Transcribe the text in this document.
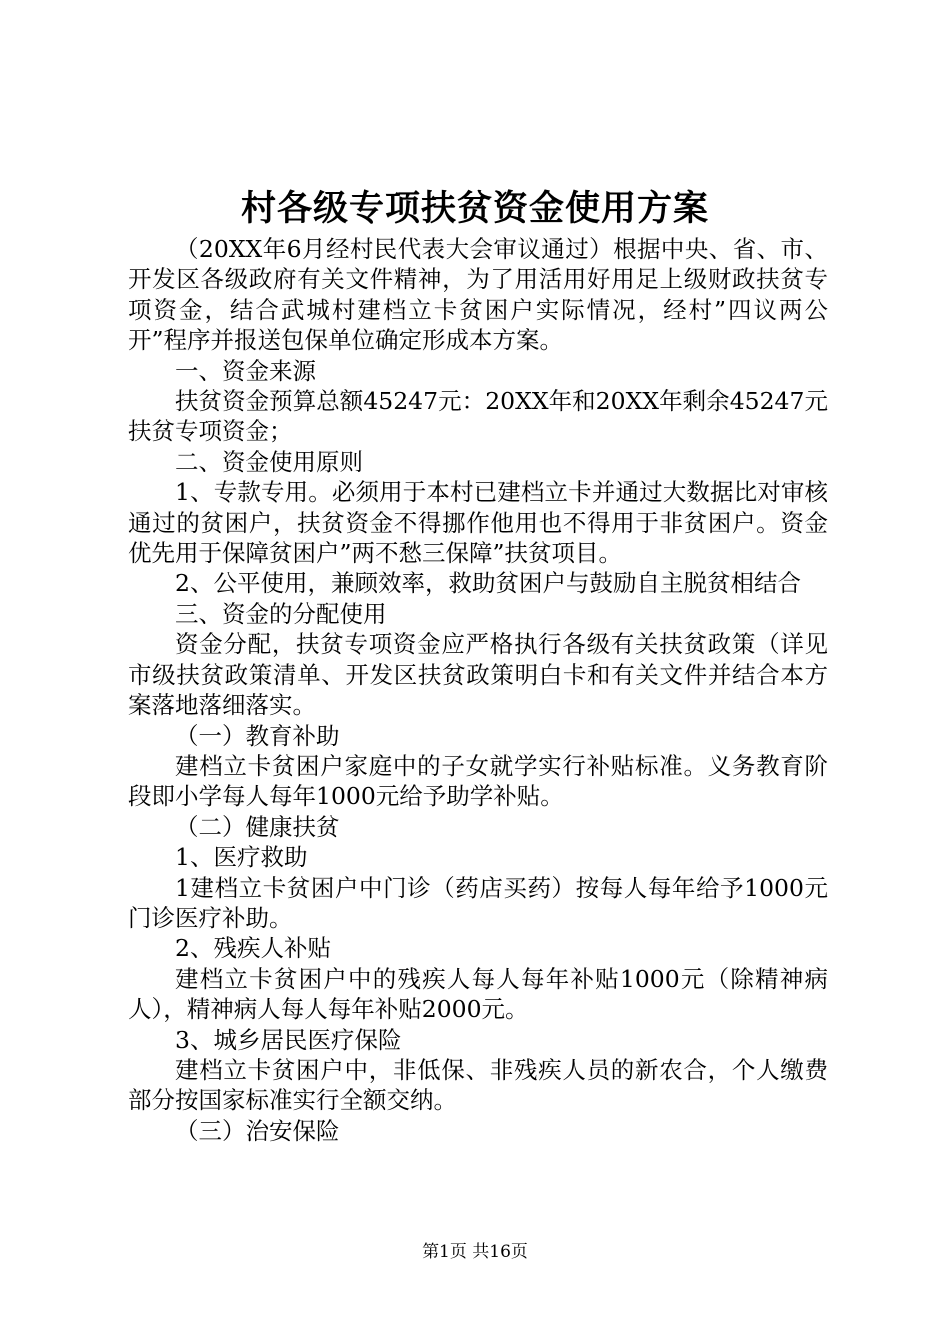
村各级专项扶贫资金使用方案

（20XX年6月经村民代表大会审议通过）根据中央、省、市、开发区各级政府有关文件精神，为了用活用好用足上级财政扶贫专项资金，结合武城村建档立卡贫困户实际情况，经村”四议两公开”程序并报送包保单位确定形成本方案。

一、资金来源

扶贫资金预算总额45247元：20XX年和20XX年剩余45247元扶贫专项资金；

二、资金使用原则

1、专款专用。必须用于本村已建档立卡并通过大数据比对审核通过的贫困户，扶贫资金不得挪作他用也不得用于非贫困户。资金优先用于保障贫困户”两不愁三保障”扶贫项目。

2、公平使用，兼顾效率，救助贫困户与鼓励自主脱贫相结合

三、资金的分配使用

资金分配，扶贫专项资金应严格执行各级有关扶贫政策（详见市级扶贫政策清单、开发区扶贫政策明白卡和有关文件并结合本方案落地落细落实。

（一）教育补助

建档立卡贫困户家庭中的子女就学实行补贴标准。义务教育阶段即小学每人每年1000元给予助学补贴。

（二）健康扶贫

1、医疗救助

1建档立卡贫困户中门诊（药店买药）按每人每年给予1000元门诊医疗补助。

2、残疾人补贴

建档立卡贫困户中的残疾人每人每年补贴1000元（除精神病人），精神病人每人每年补贴2000元。

3、城乡居民医疗保险

建档立卡贫困户中，非低保、非残疾人员的新农合，个人缴费部分按国家标准实行全额交纳。

（三）治安保险

第1页 共16页
